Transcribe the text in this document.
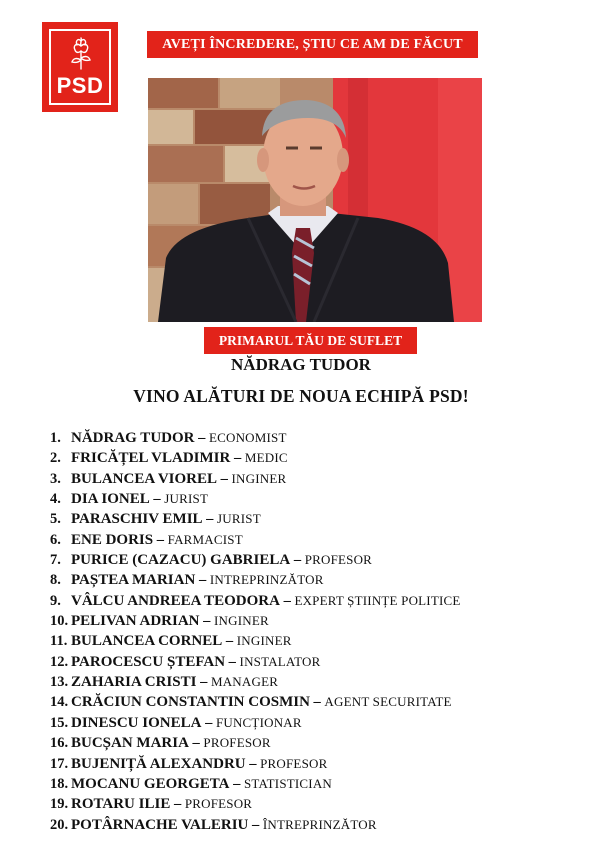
PSD
AVEȚI ÎNCREDERE, ȘTIU CE AM DE FĂCUT
PRIMARUL TĂU DE SUFLET
NĂDRAG TUDOR
VINO ALĂTURI DE NOUA ECHIPĂ PSD!
1. NĂDRAG TUDOR – ECONOMIST
2. FRICĂȚEL VLADIMIR – MEDIC
3. BULANCEA VIOREL – INGINER
4. DIA IONEL – JURIST
5. PARASCHIV EMIL – JURIST
6. ENE DORIS – FARMACIST
7. PURICE (CAZACU) GABRIELA – PROFESOR
8. PAȘTEA MARIAN – INTREPRINZĂTOR
9. VÂLCU ANDREEA TEODORA – EXPERT ȘTIINȚE POLITICE
10. PELIVAN ADRIAN – INGINER
11. BULANCEA CORNEL – INGINER
12. PAROCESCU ȘTEFAN – INSTALATOR
13. ZAHARIA CRISTI – MANAGER
14. CRĂCIUN CONSTANTIN COSMIN – AGENT SECURITATE
15. DINESCU IONELA – FUNCȚIONAR
16. BUCȘAN MARIA – PROFESOR
17. BUJENIȚĂ ALEXANDRU – PROFESOR
18. MOCANU GEORGETA – STATISTICIAN
19. ROTARU ILIE – PROFESOR
20. POTÂRNACHE VALERIU – ÎNTREPRINZĂTOR
